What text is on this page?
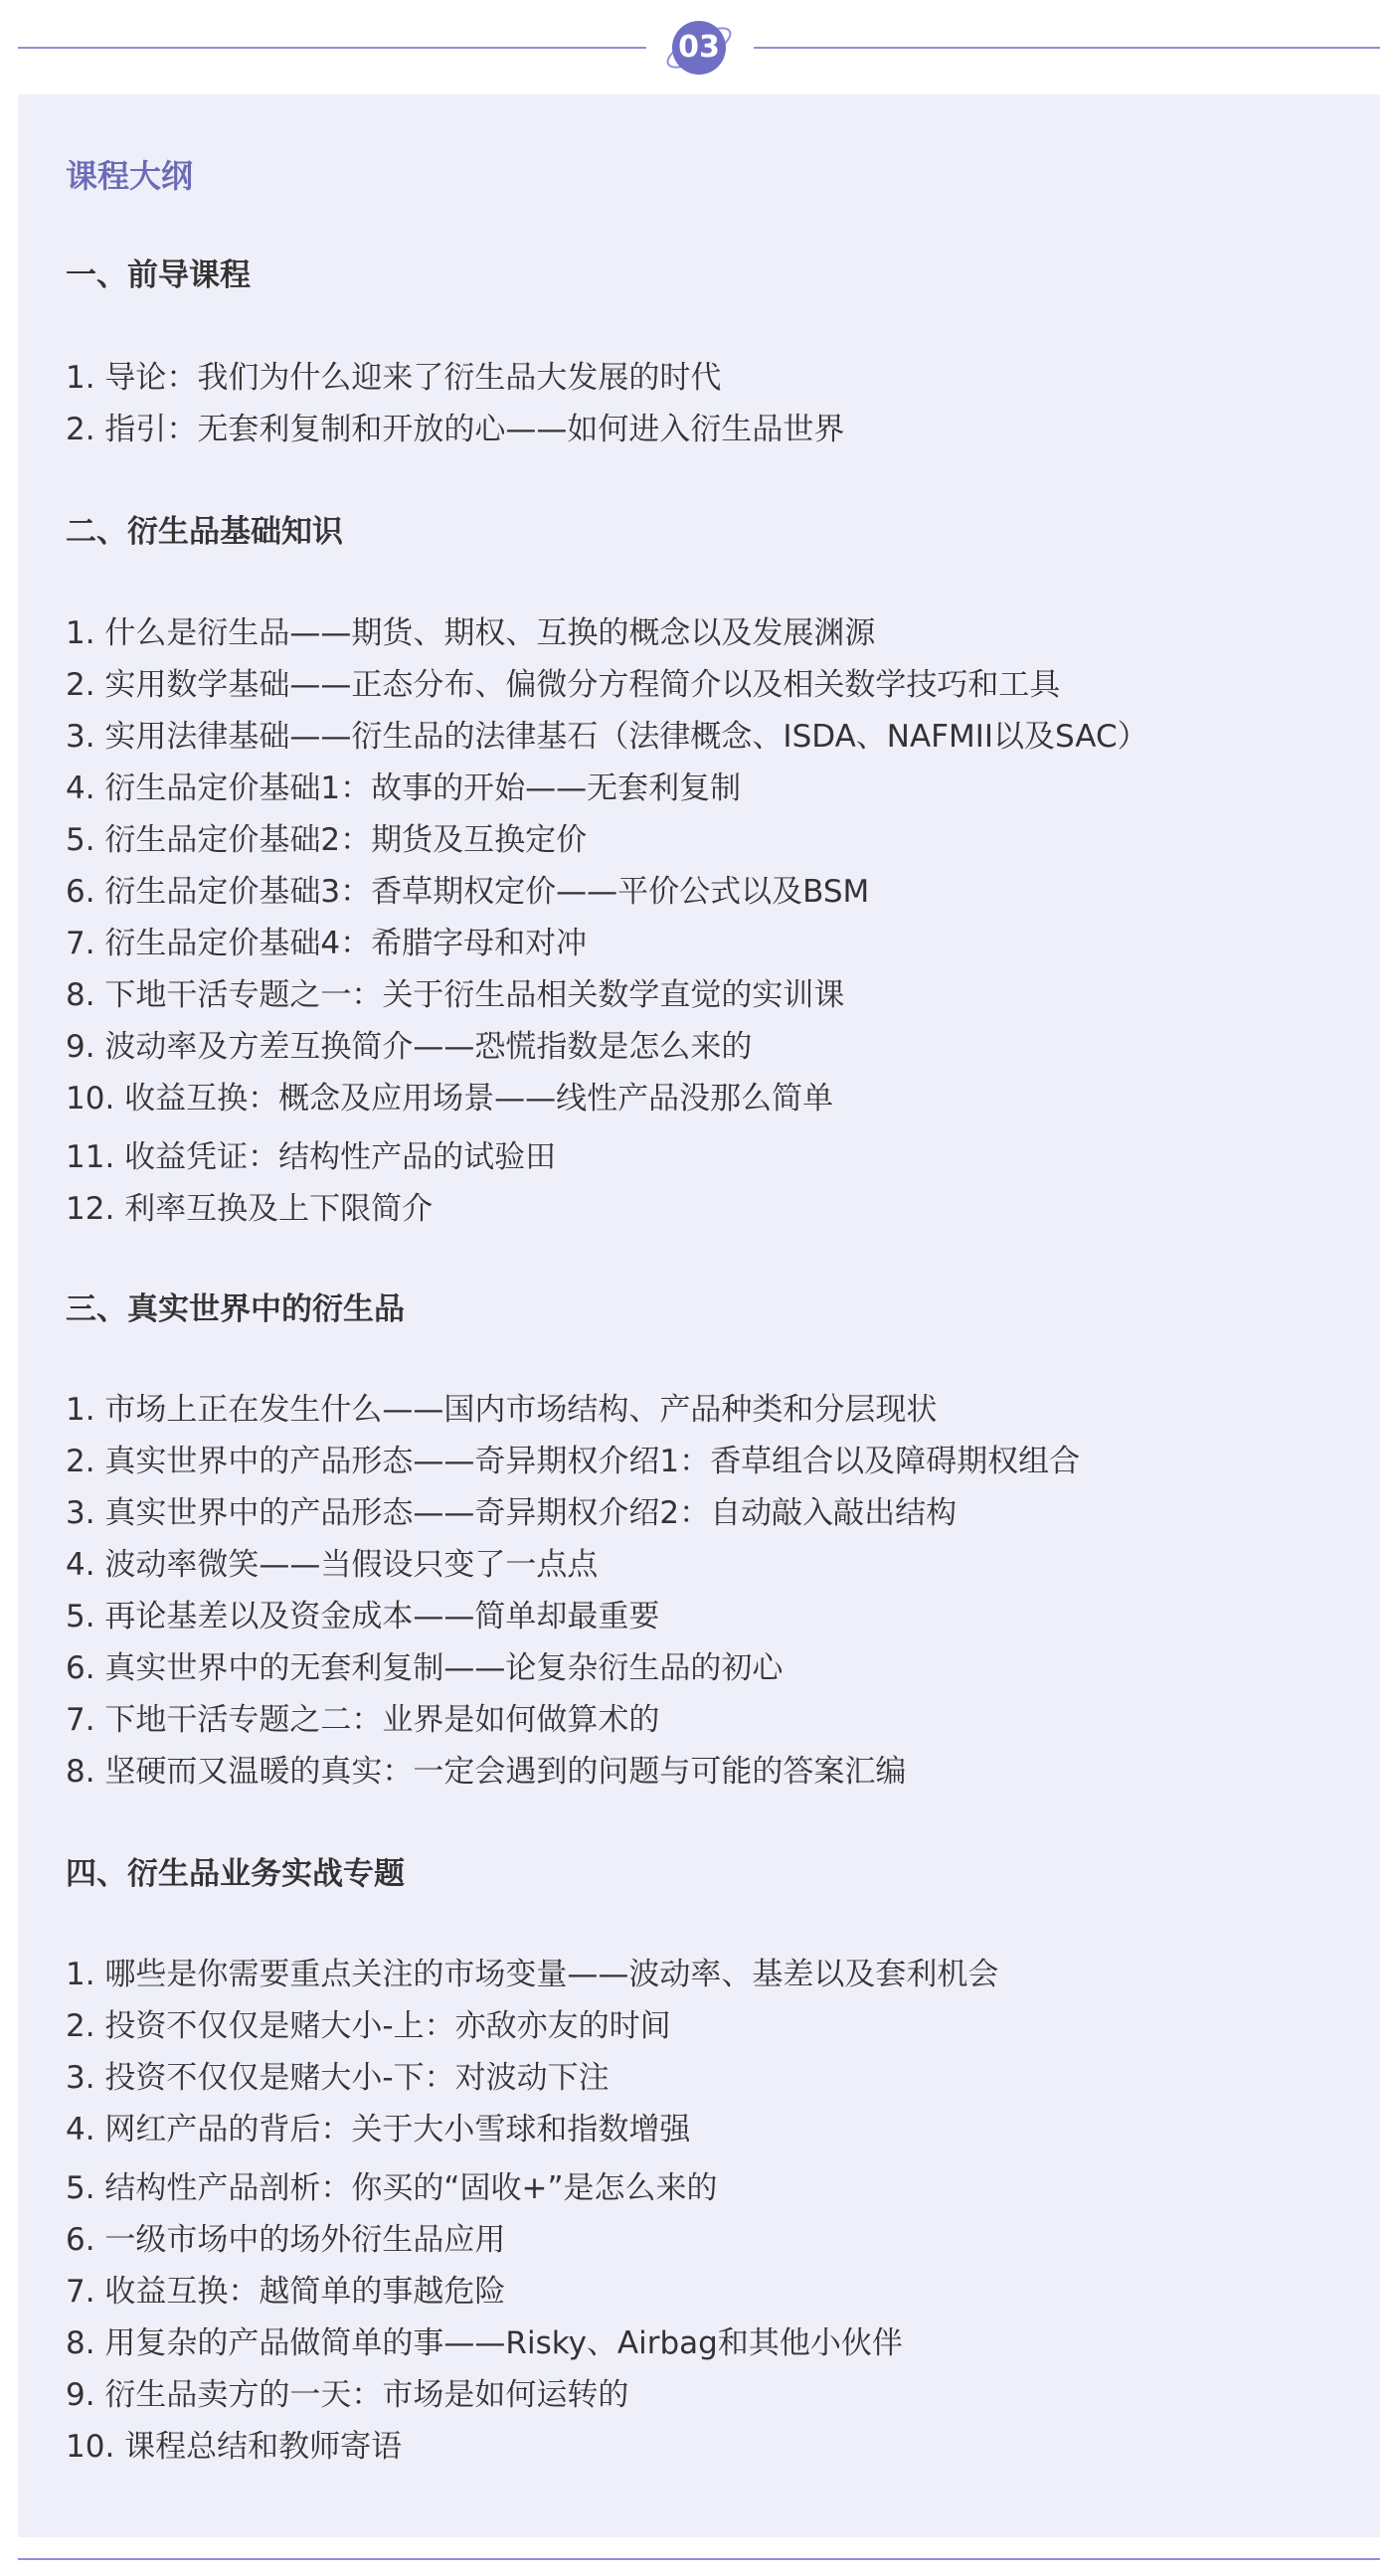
03
课程大纲
一、前导课程
1. 导论：我们为什么迎来了衍生品大发展的时代
2. 指引：无套利复制和开放的心——如何进入衍生品世界
二、衍生品基础知识
1. 什么是衍生品——期货、期权、互换的概念以及发展渊源
2. 实用数学基础——正态分布、偏微分方程简介以及相关数学技巧和工具
3. 实用法律基础——衍生品的法律基石（法律概念、ISDA、NAFMII以及SAC）
4. 衍生品定价基础1：故事的开始——无套利复制
5. 衍生品定价基础2：期货及互换定价
6. 衍生品定价基础3：香草期权定价——平价公式以及BSM
7. 衍生品定价基础4：希腊字母和对冲
8. 下地干活专题之一：关于衍生品相关数学直觉的实训课
9. 波动率及方差互换简介——恐慌指数是怎么来的
10. 收益互换：概念及应用场景——线性产品没那么简单
11. 收益凭证：结构性产品的试验田
12. 利率互换及上下限简介
三、真实世界中的衍生品
1. 市场上正在发生什么——国内市场结构、产品种类和分层现状
2. 真实世界中的产品形态——奇异期权介绍1：香草组合以及障碍期权组合
3. 真实世界中的产品形态——奇异期权介绍2：自动敲入敲出结构
4. 波动率微笑——当假设只变了一点点
5. 再论基差以及资金成本——简单却最重要
6. 真实世界中的无套利复制——论复杂衍生品的初心
7. 下地干活专题之二：业界是如何做算术的
8. 坚硬而又温暖的真实：一定会遇到的问题与可能的答案汇编
四、衍生品业务实战专题
1. 哪些是你需要重点关注的市场变量——波动率、基差以及套利机会
2. 投资不仅仅是赌大小-上：亦敌亦友的时间
3. 投资不仅仅是赌大小-下：对波动下注
4. 网红产品的背后：关于大小雪球和指数增强
5. 结构性产品剖析：你买的“固收+”是怎么来的
6. 一级市场中的场外衍生品应用
7. 收益互换：越简单的事越危险
8. 用复杂的产品做简单的事——Risky、Airbag和其他小伙伴
9. 衍生品卖方的一天：市场是如何运转的
10. 课程总结和教师寄语
